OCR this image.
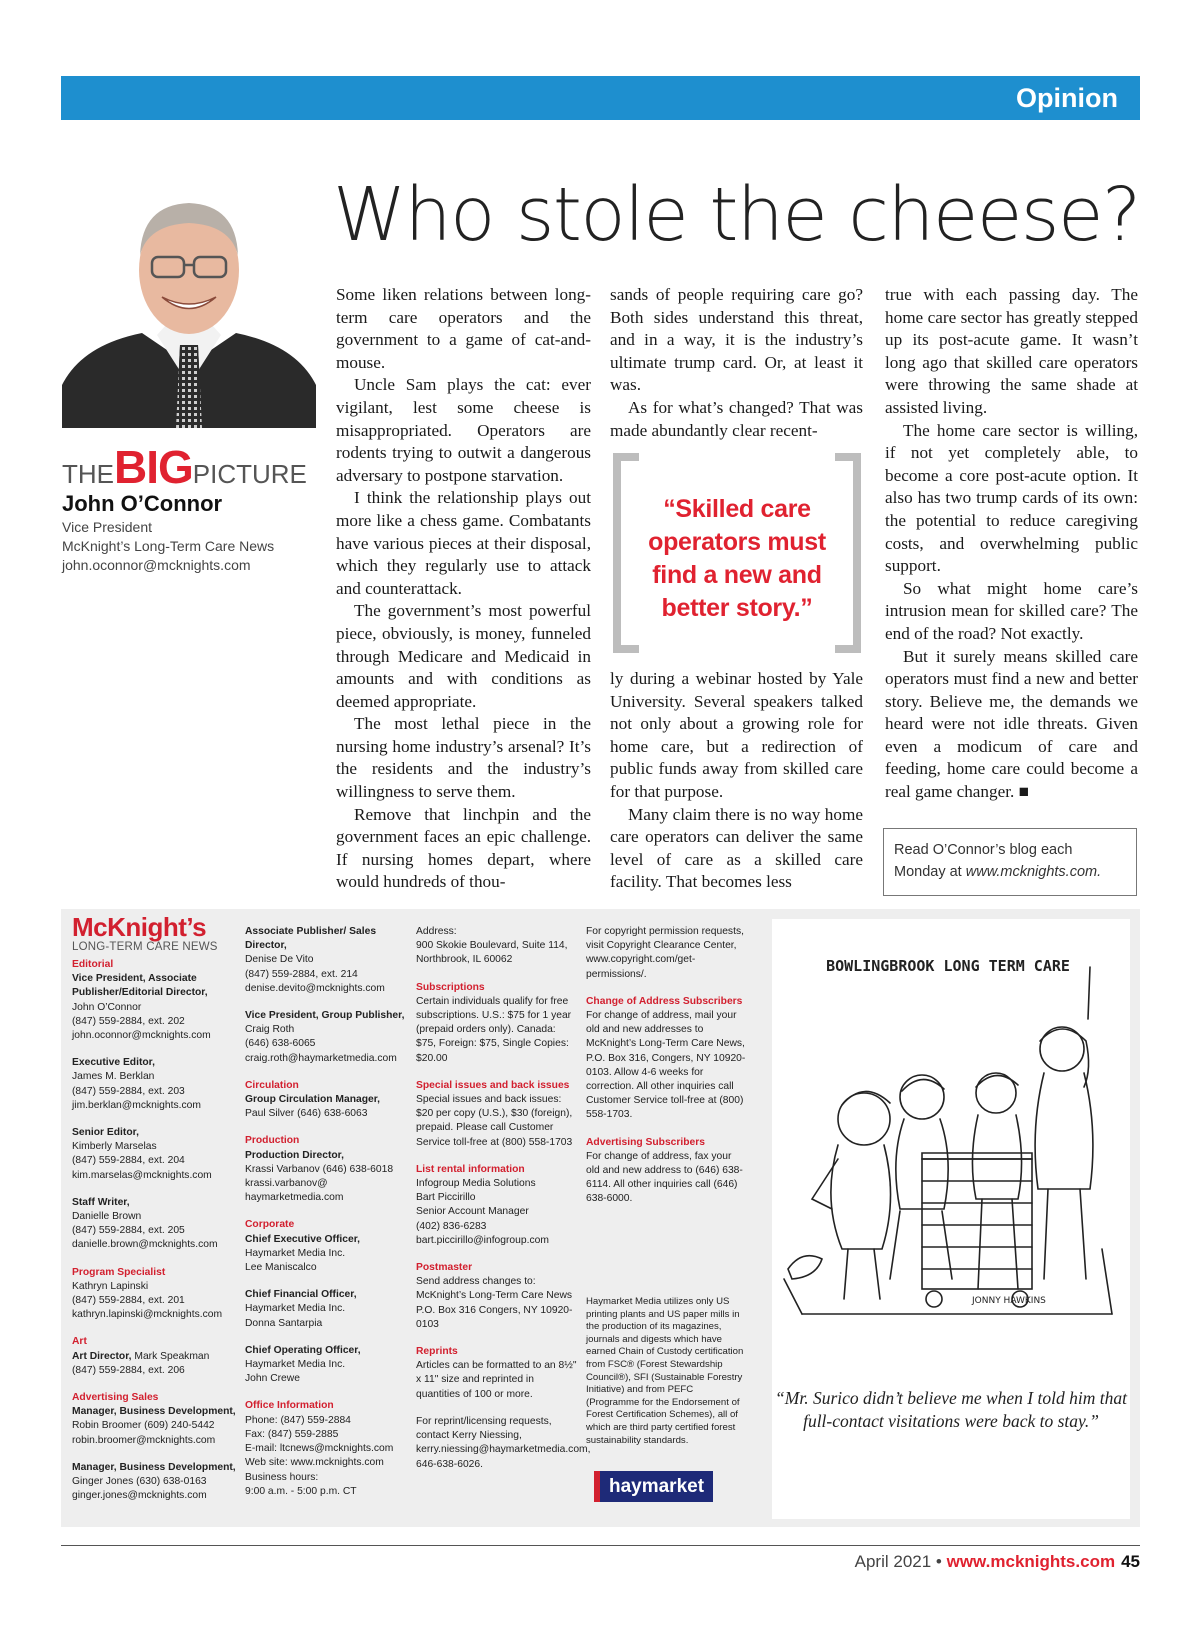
Opinion
Who stole the cheese?
THEBIGPICTURE
John O’Connor
Vice President
McKnight’s Long-Term Care News
john.oconnor@mcknights.com

Some liken relations between long-term care operators and the government to a game of cat-and-mouse.

Uncle Sam plays the cat: ever vigilant, lest some cheese is misappropriated. Operators are rodents trying to outwit a dangerous adversary to postpone starvation.

I think the relationship plays out more like a chess game. Combatants have various pieces at their disposal, which they regularly use to attack and counterattack.

The government’s most powerful piece, obviously, is money, funneled through Medicare and Medicaid in amounts and with conditions as deemed appropriate.

The most lethal piece in the nursing home industry’s arsenal? It’s the residents and the industry’s willingness to serve them.

Remove that linchpin and the government faces an epic challenge. If nursing homes depart, where would hundreds of thou-

sands of people requiring care go? Both sides understand this threat, and in a way, it is the industry’s ultimate trump card. Or, at least it was.

As for what’s changed? That was made abundantly clear recent-

“Skilled care
operators must
find a new and
better story.”

ly during a webinar hosted by Yale University. Several speakers talked not only about a growing role for home care, but a redirection of public funds away from skilled care for that purpose.

Many claim there is no way home care operators can deliver the same level of care as a skilled care facility. That becomes less

true with each passing day. The home care sector has greatly stepped up its post-acute game. It wasn’t long ago that skilled care operators were throwing the same shade at assisted living.

The home care sector is willing, if not yet completely able, to become a core post-acute option. It also has two trump cards of its own: the potential to reduce caregiving costs, and overwhelming public support.

So what might home care’s intrusion mean for skilled care? The end of the road? Not exactly.

But it surely means skilled care operators must find a new and better story. Believe me, the demands we heard were not idle threats. Given even a modicum of care and feeding, home care could become a real game changer. ■

Read O’Connor’s blog each Monday at www.mcknights.com.
McKnight’s
LONG-TERM CARE NEWS
Editorial
Vice President, Associate Publisher/Editorial Director,
John O’Connor
(847) 559-2884, ext. 202
john.oconnor@mcknights.com
Executive Editor,
James M. Berklan
(847) 559-2884, ext. 203
jim.berklan@mcknights.com
Senior Editor,
Kimberly Marselas
(847) 559-2884, ext. 204
kim.marselas@mcknights.com
Staff Writer,
Danielle Brown
(847) 559-2884, ext. 205
danielle.brown@mcknights.com
Program Specialist
Kathryn Lapinski
(847) 559-2884, ext. 201
kathryn.lapinski@mcknights.com
Art
Art Director, Mark Speakman
(847) 559-2884, ext. 206
Advertising Sales
Manager, Business Development,
Robin Broomer (609) 240-5442
robin.broomer@mcknights.com
Manager, Business Development,
Ginger Jones (630) 638-0163
ginger.jones@mcknights.com
Associate Publisher/ Sales Director,
Denise De Vito
(847) 559-2884, ext. 214
denise.devito@mcknights.com
Vice President, Group Publisher,
Craig Roth
(646) 638-6065
craig.roth@haymarketmedia.com
Circulation
Group Circulation Manager,
Paul Silver (646) 638-6063
Production
Production Director,
Krassi Varbanov (646) 638-6018
krassi.varbanov@
haymarketmedia.com
Corporate
Chief Executive Officer,
Haymarket Media Inc.
Lee Maniscalco
Chief Financial Officer,
Haymarket Media Inc.
Donna Santarpia
Chief Operating Officer,
Haymarket Media Inc.
John Crewe
Office Information
Phone: (847) 559-2884
Fax: (847) 559-2885
E-mail: ltcnews@mcknights.com
Web site: www.mcknights.com
Business hours:
9:00 a.m. - 5:00 p.m. CT
Address:
900 Skokie Boulevard, Suite 114,
Northbrook, IL 60062
Subscriptions
Certain individuals qualify for free subscriptions. U.S.: $75 for 1 year (prepaid orders only). Canada: $75, Foreign: $75, Single Copies: $20.00
Special issues and back issues
Special issues and back issues: $20 per copy (U.S.), $30 (foreign), prepaid. Please call Customer Service toll-free at (800) 558-1703
List rental information
Infogroup Media Solutions
Bart Piccirillo
Senior Account Manager
(402) 836-6283
bart.piccirillo@infogroup.com
Postmaster
Send address changes to: McKnight’s Long-Term Care News P.O. Box 316 Congers, NY 10920-0103
Reprints
Articles can be formatted to an 8½" x 11" size and reprinted in quantities of 100 or more.
For reprint/licensing requests, contact Kerry Niessing, kerry.niessing@haymarketmedia.com, 646-638-6026.
For copyright permission requests, visit Copyright Clearance Center, www.copyright.com/get-permissions/.
Change of Address Subscribers
For change of address, mail your old and new addresses to McKnight’s Long-Term Care News, P.O. Box 316, Congers, NY 10920-0103. Allow 4-6 weeks for correction. All other inquiries call Customer Service toll-free at (800) 558-1703.
Advertising Subscribers
For change of address, fax your old and new address to (646) 638-6114. All other inquiries call (646) 638-6000.
Haymarket Media utilizes only US printing plants and US paper mills in the production of its magazines, journals and digests which have earned Chain of Custody certification from FSC® (Forest Stewardship Council®), SFI (Sustainable Forestry Initiative) and from PEFC (Programme for the Endorsement of Forest Certification Schemes), all of which are third party certified forest sustainability standards.
haymarket
BOWLINGBROOK LONG TERM CARE
JONNY HAWKINS
“Mr. Surico didn’t believe me when I told him that full-contact visitations were back to stay.”
April 2021 • www.mcknights.com 45
